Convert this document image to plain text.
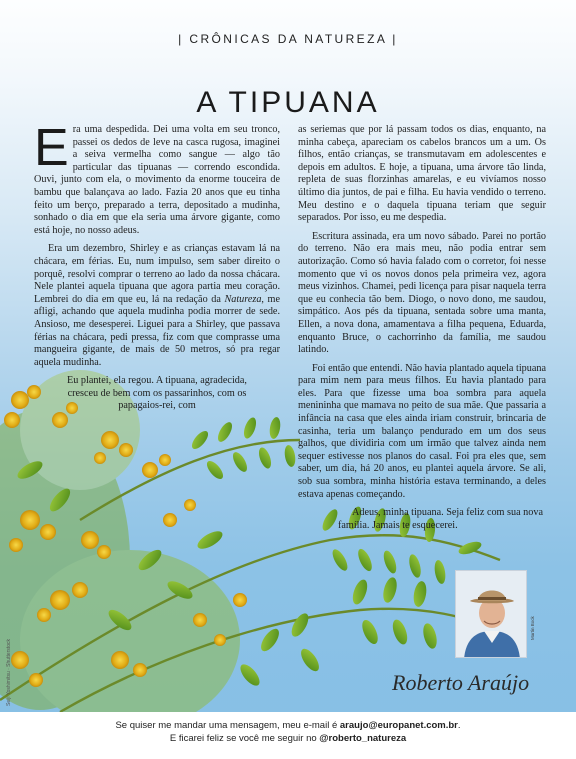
| CRÔNICAS DA NATUREZA |
A TIPUANA

Era uma despedida. Dei uma volta em seu tronco, passei os dedos de leve na casca rugosa, imaginei a seiva vermelha como sangue — algo tão particular das tipuanas — correndo escondida. Ouvi, junto com ela, o movimento da enorme touceira de bambu que balançava ao lado. Fazia 20 anos que eu tinha feito um berço, preparado a terra, depositado a mudinha, sonhado o dia em que ela seria uma árvore gigante, como está hoje, no nosso adeus.

Era um dezembro, Shirley e as crianças estavam lá na chácara, em férias. Eu, num impulso, sem saber direito o porquê, resolvi comprar o terreno ao lado da nossa chácara. Nele plantei aquela tipuana que agora partia meu coração. Lembrei do dia em que eu, lá na redação da Natureza, me afligi, achando que aquela mudinha podia morrer de sede. Ansioso, me desesperei. Liguei para a Shirley, que passava férias na chácara, pedi pressa, fiz com que comprasse uma mangueira gigante, de mais de 50 metros, só pra regar aquela mudinha.

Eu plantei, ela regou. A tipuana, agradecida, cresceu de bem com os passarinhos, com os papagaios-rei, com

as seriemas que por lá passam todos os dias, enquanto, na minha cabeça, apareciam os cabelos brancos um a um. Os filhos, então crianças, se transmutavam em adolescentes e depois em adultos. E hoje, a tipuana, uma árvore tão linda, repleta de suas florzinhas amarelas, e eu vivíamos nosso último dia juntos, de pai e filha. Eu havia vendido o terreno. Meu destino e o daquela tipuana teriam que seguir separados. Por isso, eu me despedia.

Escritura assinada, era um novo sábado. Parei no portão do terreno. Não era mais meu, não podia entrar sem autorização. Como só havia falado com o corretor, foi nesse momento que vi os novos donos pela primeira vez, agora meus vizinhos. Chamei, pedi licença para pisar naquela terra que eu conhecia tão bem. Diogo, o novo dono, me saudou, simpático. Aos pés da tipuana, sentada sobre uma manta, Ellen, a nova dona, amamentava a filha pequena, Eduarda, enquanto Bruce, o cachorrinho da família, me saudou latindo.

Foi então que entendi. Não havia plantado aquela tipuana para mim nem para meus filhos. Eu havia plantado para eles. Para que fizesse uma boa sombra para aquela menininha que mamava no peito de sua mãe. Que passaria a infância na casa que eles ainda iriam construir, brincaria de casinha, teria um balanço pendurado em um dos seus galhos, que dividiria com um irmão que talvez ainda nem sequer estivesse nos planos do casal. Foi pra eles que, sem saber, um dia, há 20 anos, eu plantei aquela árvore. Se ali, sob sua sombra, minha história estava terminando, a deles estava apenas começando.

Adeus, minha tipuana. Seja feliz com sua nova família. Jamais te esquecerei.

Martin Bock
Roberto Araújo
Seiji Yoshimitsu · Shutterstock
Se quiser me mandar uma mensagem, meu e-mail é araujo@europanet.com.br.
E ficarei feliz se você me seguir no @roberto_natureza
